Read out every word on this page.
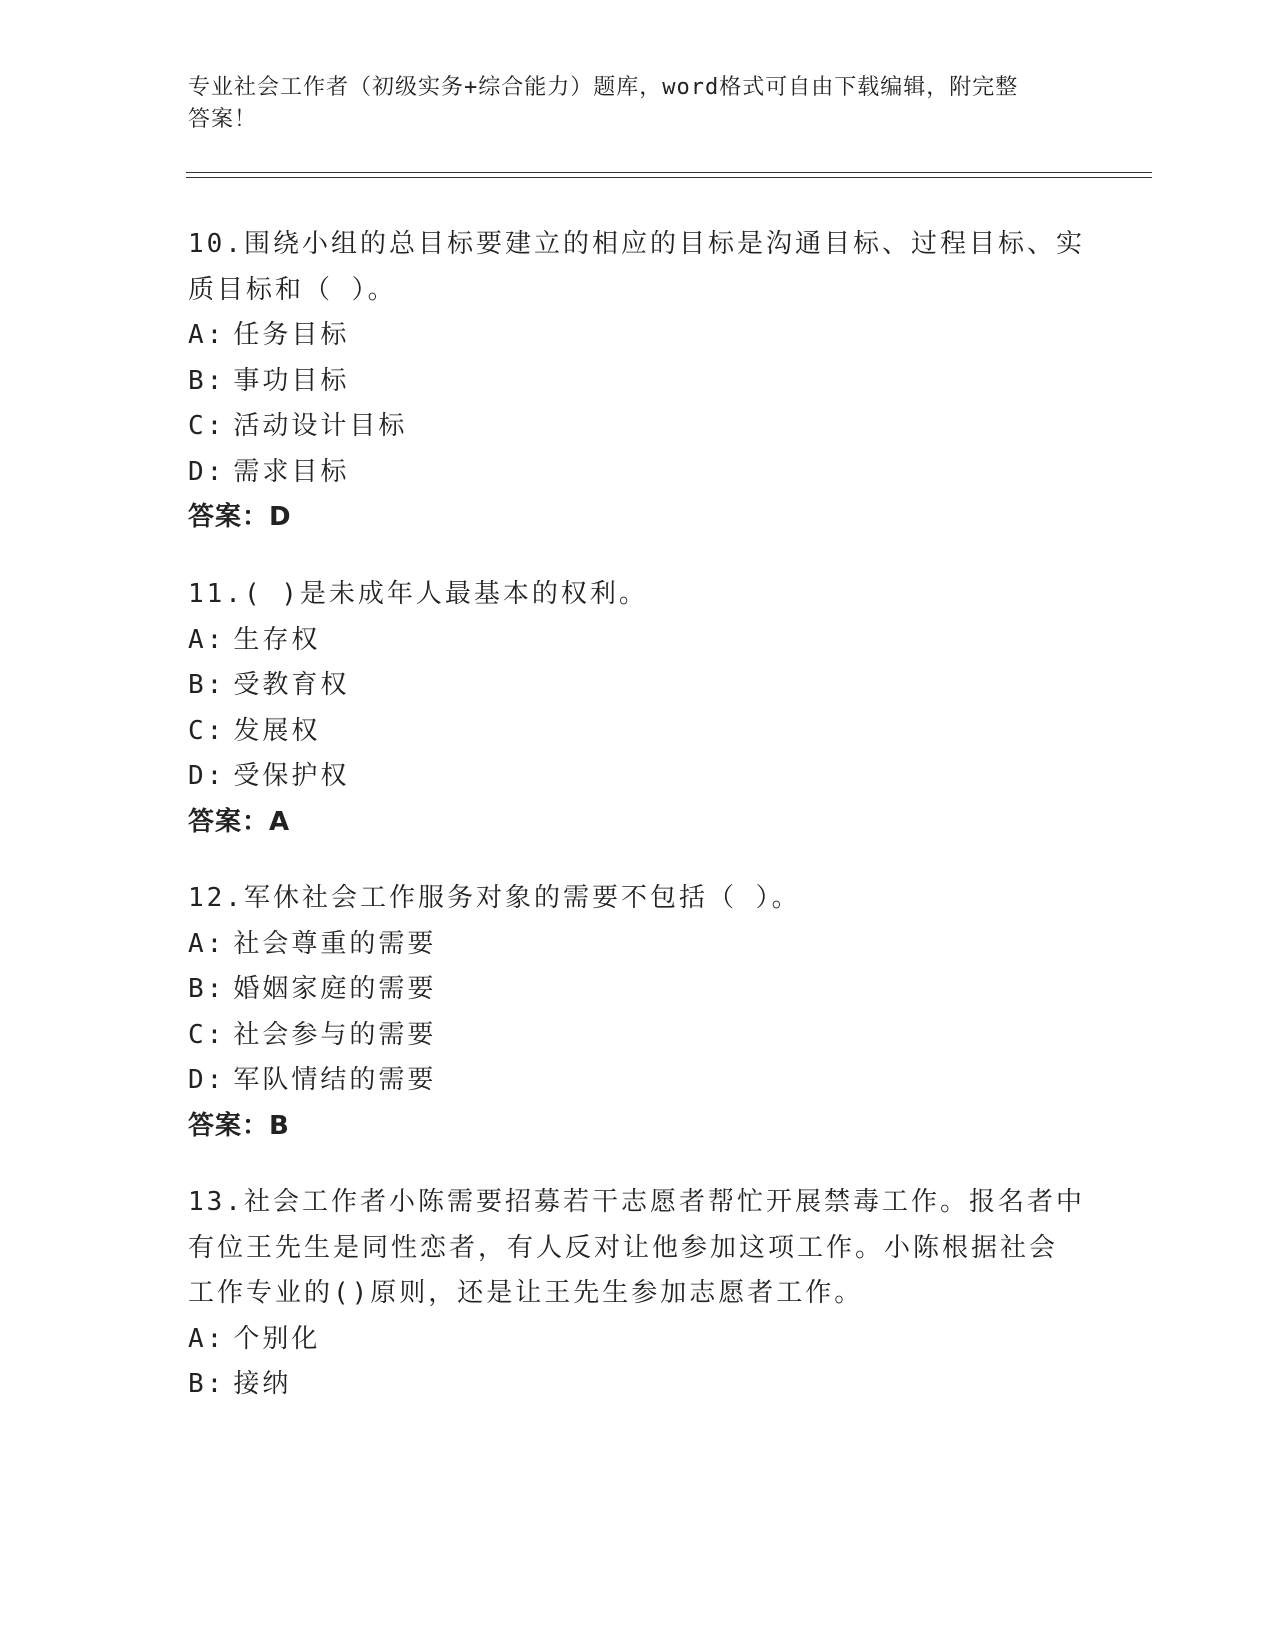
专业社会工作者（初级实务+综合能力）题库，word格式可自由下载编辑，附完整
答案！
10.围绕小组的总目标要建立的相应的目标是沟通目标、过程目标、实
质目标和（ ）。
A: 任务目标
B: 事功目标
C: 活动设计目标
D: 需求目标
答案：D
11.( )是未成年人最基本的权利。
A: 生存权
B: 受教育权
C: 发展权
D: 受保护权
答案：A
12.军休社会工作服务对象的需要不包括（ ）。
A: 社会尊重的需要
B: 婚姻家庭的需要
C: 社会参与的需要
D: 军队情结的需要
答案：B
13.社会工作者小陈需要招募若干志愿者帮忙开展禁毒工作。报名者中
有位王先生是同性恋者，有人反对让他参加这项工作。小陈根据社会
工作专业的()原则，还是让王先生参加志愿者工作。
A: 个别化
B: 接纳
